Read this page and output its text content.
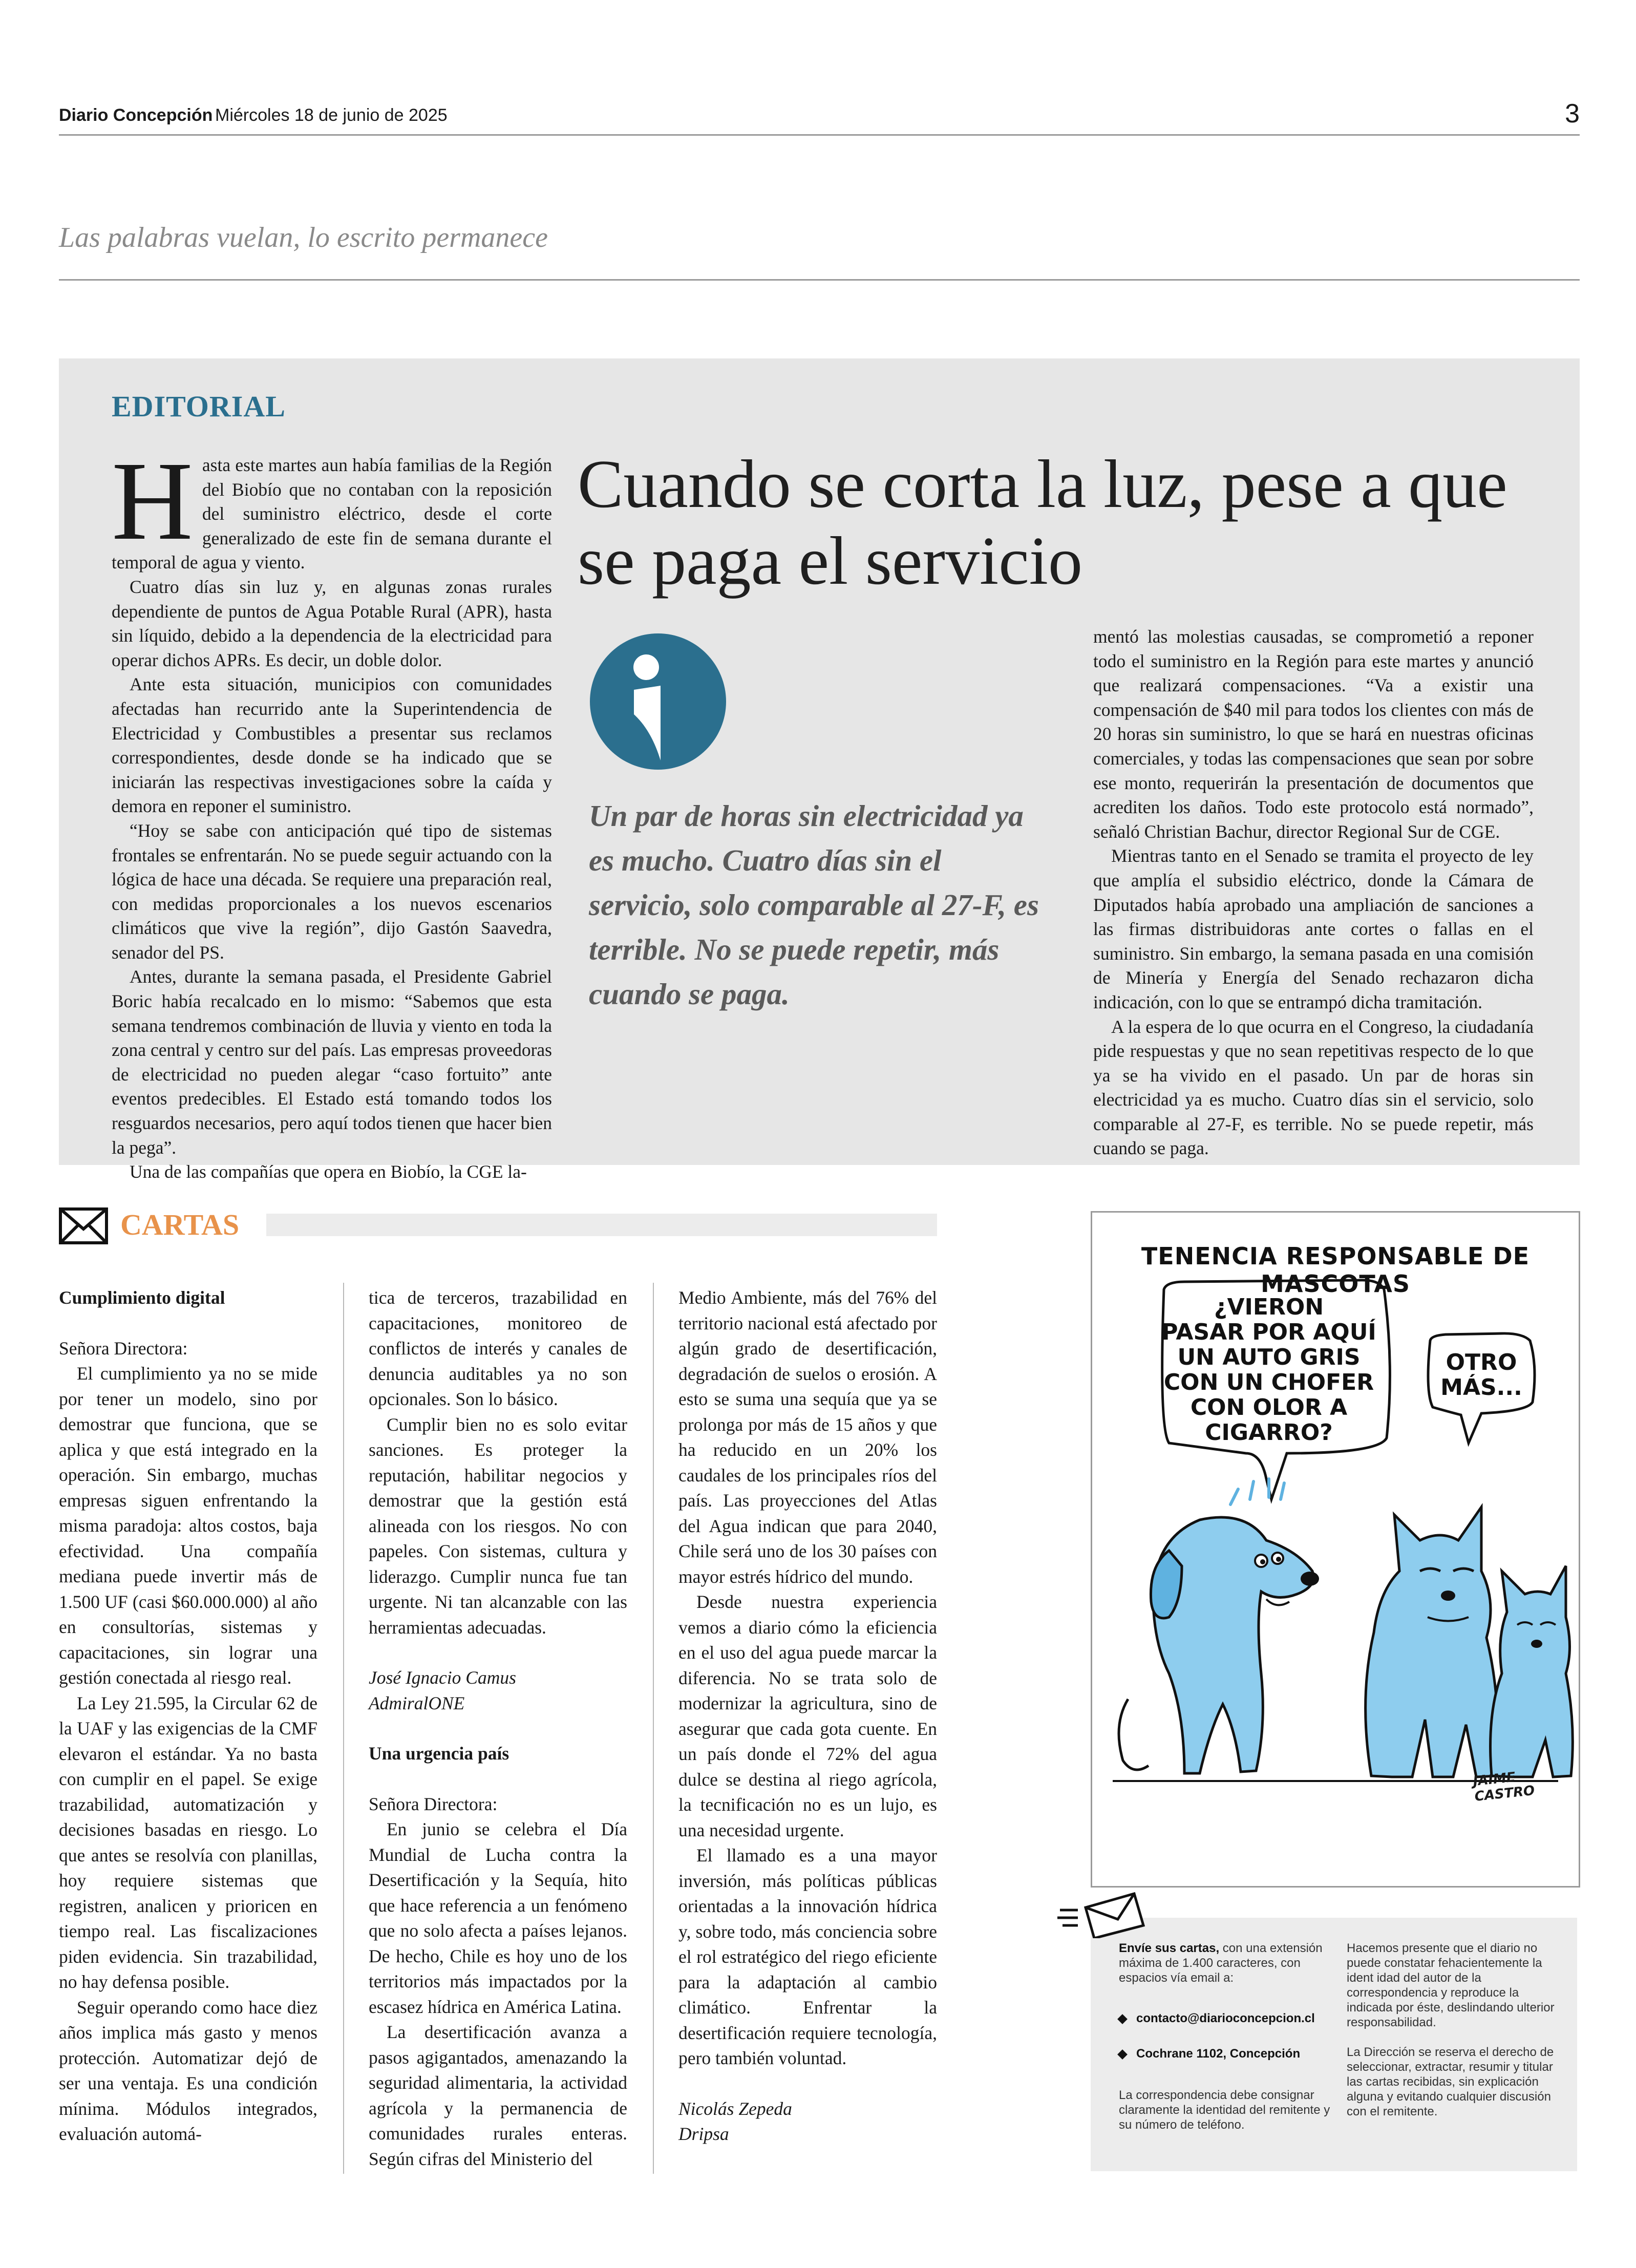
Diario Concepción Miércoles 18 de junio de 2025	3
Las palabras vuelan, lo escrito permanece
EDITORIAL

Hasta este martes aun había familias de la Región del Biobío que no contaban con la reposición del suministro eléctrico, desde el corte generalizado de este fin de semana durante el temporal de agua y viento.

Cuatro días sin luz y, en algunas zonas rurales dependiente de puntos de Agua Potable Rural (APR), hasta sin líquido, debido a la dependencia de la electricidad para operar dichos APRs. Es decir, un doble dolor.

Ante esta situación, municipios con comunidades afectadas han recurrido ante la Superintendencia de Electricidad y Combustibles a presentar sus reclamos correspondientes, desde donde se ha indicado que se iniciarán las respectivas investigaciones sobre la caída y demora en reponer el suministro.

“Hoy se sabe con anticipación qué tipo de sistemas frontales se enfrentarán. No se puede seguir actuando con la lógica de hace una década. Se requiere una preparación real, con medidas proporcionales a los nuevos escenarios climáticos que vive la región”, dijo Gastón Saavedra, senador del PS.

Antes, durante la semana pasada, el Presidente Gabriel Boric había recalcado en lo mismo: “Sabemos que esta semana tendremos combinación de lluvia y viento en toda la zona central y centro sur del país. Las empresas proveedoras de electricidad no pueden alegar “caso fortuito” ante eventos predecibles. El Estado está tomando todos los resguardos necesarios, pero aquí todos tienen que hacer bien la pega”.

Una de las compañías que opera en Biobío, la CGE la-

Cuando se corta la luz, pese a que se paga el servicio
Un par de horas sin electricidad ya es mucho. Cuatro días sin el servicio, solo comparable al 27-F, es terrible. No se puede repetir, más cuando se paga.

mentó las molestias causadas, se comprometió a reponer todo el suministro en la Región para este martes y anunció que realizará compensaciones. “Va a existir una compensación de $40 mil para todos los clientes con más de 20 horas sin suministro, lo que se hará en nuestras oficinas comerciales, y todas las compensaciones que sean por sobre ese monto, requerirán la presentación de documentos que acrediten los daños. Todo este protocolo está normado”, señaló Christian Bachur, director Regional Sur de CGE.

Mientras tanto en el Senado se tramita el proyecto de ley que amplía el subsidio eléctrico, donde la Cámara de Diputados había aprobado una ampliación de sanciones a las firmas distribuidoras ante cortes o fallas en el suministro. Sin embargo, la semana pasada en una comisión de Minería y Energía del Senado rechazaron dicha indicación, con lo que se entrampó dicha tramitación.

A la espera de lo que ocurra en el Congreso, la ciudadanía pide respuestas y que no sean repetitivas respecto de lo que ya se ha vivido en el pasado. Un par de horas sin electricidad ya es mucho. Cuatro días sin el servicio, solo comparable al 27-F, es terrible. No se puede repetir, más cuando se paga.

CARTAS

Cumplimiento digital

Señora Directora:

El cumplimiento ya no se mide por tener un modelo, sino por demostrar que funciona, que se aplica y que está integrado en la operación. Sin embargo, muchas empresas siguen enfrentando la misma paradoja: altos costos, baja efectividad. Una compañía mediana puede invertir más de 1.500 UF (casi $60.000.000) al año en consultorías, sistemas y capacitaciones, sin lograr una gestión conectada al riesgo real.

La Ley 21.595, la Circular 62 de la UAF y las exigencias de la CMF elevaron el estándar. Ya no basta con cumplir en el papel. Se exige trazabilidad, automatización y decisiones basadas en riesgo. Lo que antes se resolvía con planillas, hoy requiere sistemas que registren, analicen y prioricen en tiempo real. Las fiscalizaciones piden evidencia. Sin trazabilidad, no hay defensa posible.

Seguir operando como hace diez años implica más gasto y menos protección. Automatizar dejó de ser una ventaja. Es una condición mínima. Módulos integrados, evaluación automá-

tica de terceros, trazabilidad en capacitaciones, monitoreo de conflictos de interés y canales de denuncia auditables ya no son opcionales. Son lo básico.

Cumplir bien no es solo evitar sanciones. Es proteger la reputación, habilitar negocios y demostrar que la gestión está alineada con los riesgos. No con papeles. Con sistemas, cultura y liderazgo. Cumplir nunca fue tan urgente. Ni tan alcanzable con las herramientas adecuadas.

José Ignacio Camus

AdmiralONE

Una urgencia país

Señora Directora:

En junio se celebra el Día Mundial de Lucha contra la Desertificación y la Sequía, hito que hace referencia a un fenómeno que no solo afecta a países lejanos. De hecho, Chile es hoy uno de los territorios más impactados por la escasez hídrica en América Latina.

La desertificación avanza a pasos agigantados, amenazando la seguridad alimentaria, la actividad agrícola y la permanencia de comunidades rurales enteras. Según cifras del Ministerio del

Medio Ambiente, más del 76% del territorio nacional está afectado por algún grado de desertificación, degradación de suelos o erosión. A esto se suma una sequía que ya se prolonga por más de 15 años y que ha reducido en un 20% los caudales de los principales ríos del país. Las proyecciones del Atlas del Agua indican que para 2040, Chile será uno de los 30 países con mayor estrés hídrico del mundo.

Desde nuestra experiencia vemos a diario cómo la eficiencia en el uso del agua puede marcar la diferencia. No se trata solo de modernizar la agricultura, sino de asegurar que cada gota cuente. En un país donde el 72% del agua dulce se destina al riego agrícola, la tecnificación no es un lujo, es una necesidad urgente.

El llamado es a una mayor inversión, más políticas públicas orientadas a la innovación hídrica y, sobre todo, más conciencia sobre el rol estratégico del riego eficiente para la adaptación al cambio climático. Enfrentar la desertificación requiere tecnología, pero también voluntad.

Nicolás Zepeda

Dripsa

TENENCIA RESPONSABLE DE MASCOTAS
¿VIERON
PASAR POR AQUÍ
UN AUTO GRIS
CON UN CHOFER
CON OLOR A
CIGARRO?
OTRO
MÁS...
JAIME
CASTRO
Envíe sus cartas, con una extensión máxima de 1.400 caracteres, con espacios vía email a:
contacto@diarioconcepcion.cl
Cochrane 1102, Concepción
La correspondencia debe consignar claramente la identidad del remitente y su número de teléfono.
Hacemos presente que el diario no puede constatar fehacientemente la ident idad del autor de la correspondencia y reproduce la indicada por éste, deslindando ulterior responsabilidad.
La Dirección se reserva el derecho de seleccionar, extractar, resumir y titular las cartas recibidas, sin explicación alguna y evitando cualquier discusión con el remitente.
